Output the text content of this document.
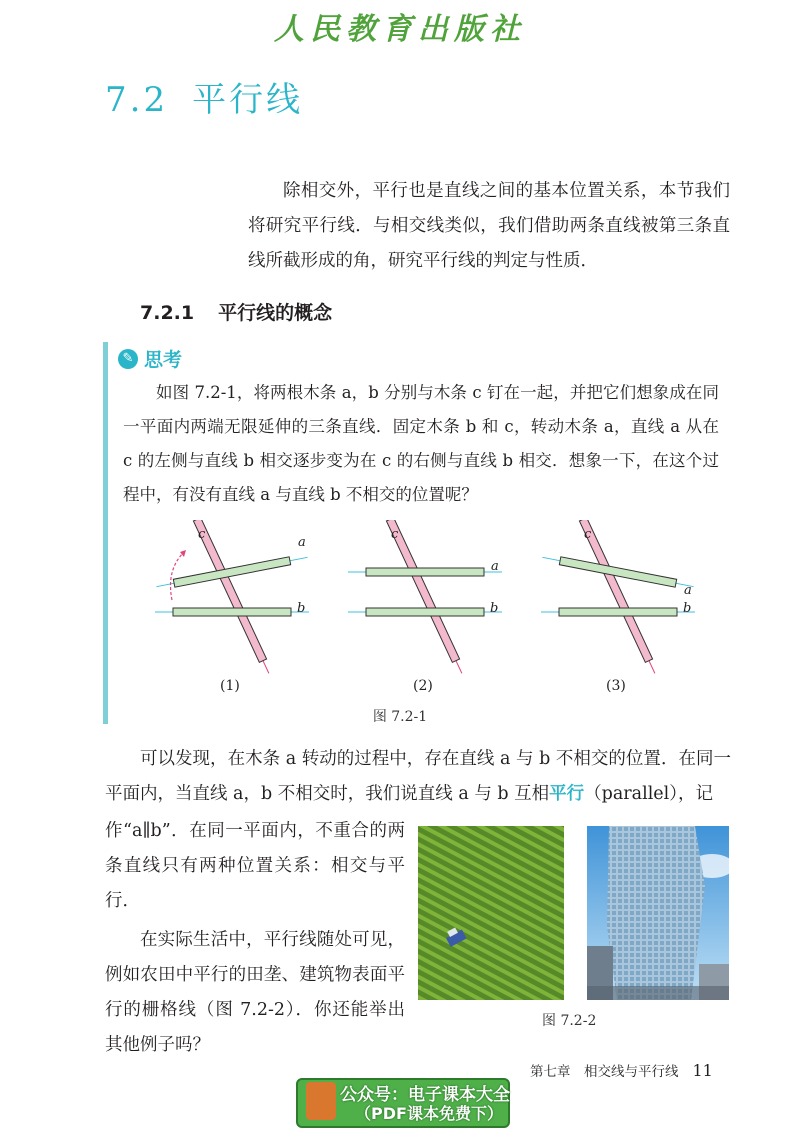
人民教育出版社
7.2 平行线

除相交外，平行也是直线之间的基本位置关系，本节我们将研究平行线．与相交线类似，我们借助两条直线被第三条直线所截形成的角，研究平行线的判定与性质．

7.2.1 平行线的概念
✎ 思考

如图 7.2-1，将两根木条 a，b 分别与木条 c 钉在一起，并把它们想象成在同一平面内两端无限延伸的三条直线．固定木条 b 和 c，转动木条 a，直线 a 从在 c 的左侧与直线 b 相交逐步变为在 c 的右侧与直线 b 相交．想象一下，在这个过程中，有没有直线 a 与直线 b 不相交的位置呢？

c
a
b
(1)
c
a
b
(2)
c
a
b
(3)
图 7.2-1

可以发现，在木条 a 转动的过程中，存在直线 a 与 b 不相交的位置．在同一平面内，当直线 a，b 不相交时，我们说直线 a 与 b 互相平行（parallel），记

作“a∥b”．在同一平面内，不重合的两条直线只有两种位置关系：相交与平行．

在实际生活中，平行线随处可见，例如农田中平行的田垄、建筑物表面平行的栅格线（图 7.2-2）．你还能举出其他例子吗？

图 7.2-2
第七章　相交线与平行线 11
公众号：电子课本大全
（PDF课本免费下）
